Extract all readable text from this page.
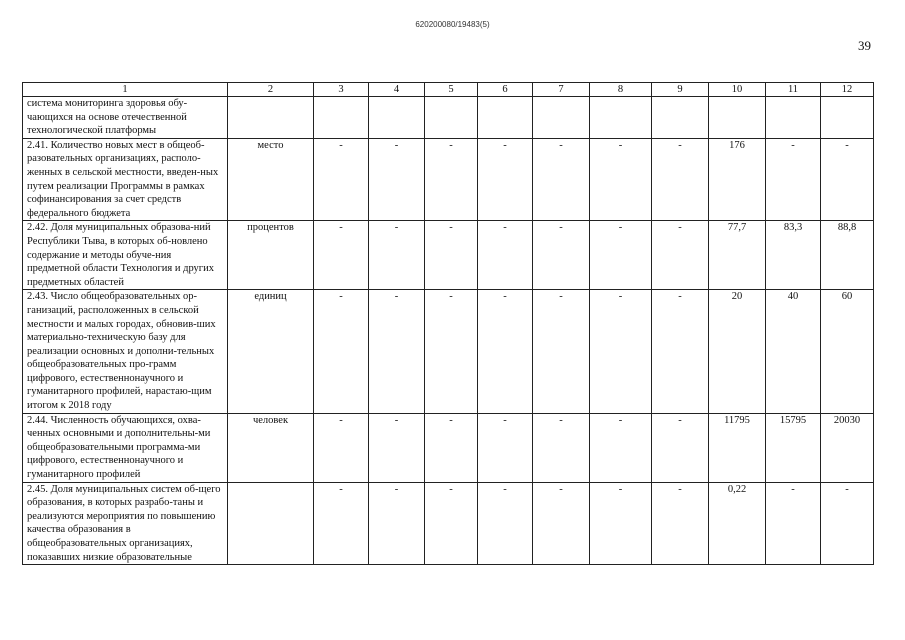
620200080/19483(5)
39
1	2	3	4	5	6	7	8	9	10	11	12
система мониторинга здоровья обу-чающихся на основе отечественной технологической платформы											
2.41. Количество новых мест в общеоб-разовательных организациях, располо-женных в сельской местности, введен-ных путем реализации Программы в рамках софинансирования за счет средств федерального бюджета	место	-	-	-	-	-	-	-	176	-	-
2.42. Доля муниципальных образова-ний Республики Тыва, в которых об-новлено содержание и методы обуче-ния предметной области Технология и других предметных областей	процентов	-	-	-	-	-	-	-	77,7	83,3	88,8
2.43. Число общеобразовательных ор-ганизаций, расположенных в сельской местности и малых городах, обновив-ших материально-техническую базу для реализации основных и дополни-тельных общеобразовательных про-грамм цифрового, естественнонаучного и гуманитарного профилей, нарастаю-щим итогом к 2018 году	единиц	-	-	-	-	-	-	-	20	40	60
2.44. Численность обучающихся, охва-ченных основными и дополнительны-ми общеобразовательными программа-ми цифрового, естественнонаучного и гуманитарного профилей	человек	-	-	-	-	-	-	-	11795	15795	20030
2.45. Доля муниципальных систем об-щего образования, в которых разрабо-таны и реализуются мероприятия по повышению качества образования в общеобразовательных организациях, показавших низкие образовательные		-	-	-	-	-	-	-	0,22	-	-
